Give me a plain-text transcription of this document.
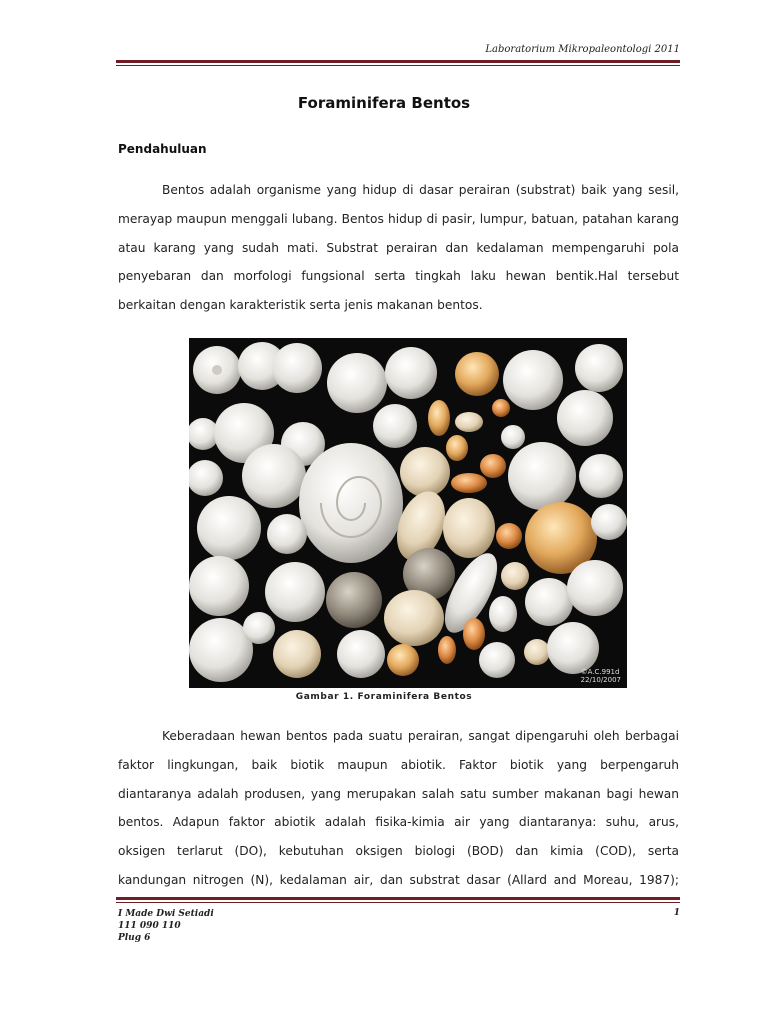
Laboratorium Mikropaleontologi 2011
Foraminifera Bentos
Pendahuluan
Bentos adalah organisme yang hidup di dasar perairan (substrat) baik yang sesil,
merayap maupun menggali lubang. Bentos hidup di pasir, lumpur, batuan, patahan karang
atau karang yang sudah mati. Substrat perairan dan kedalaman mempengaruhi pola
penyebaran dan morfologi fungsional serta tingkah laku hewan bentik.Hal tersebut
berkaitan dengan karakteristik serta jenis makanan bentos.
©A.C.991d
22/10/2007
Gambar 1. Foraminifera Bentos
Keberadaan hewan bentos pada suatu perairan, sangat dipengaruhi oleh berbagai
faktor lingkungan, baik biotik maupun abiotik. Faktor biotik yang berpengaruh
diantaranya adalah produsen, yang merupakan salah satu sumber makanan bagi hewan
bentos. Adapun faktor abiotik adalah fisika-kimia air yang diantaranya: suhu, arus,
oksigen terlarut (DO), kebutuhan oksigen biologi (BOD) dan kimia (COD), serta
kandungan nitrogen (N), kedalaman air, dan substrat dasar (Allard and Moreau, 1987);
I Made Dwi Setiadi
111 090 110
Plug 6
1
